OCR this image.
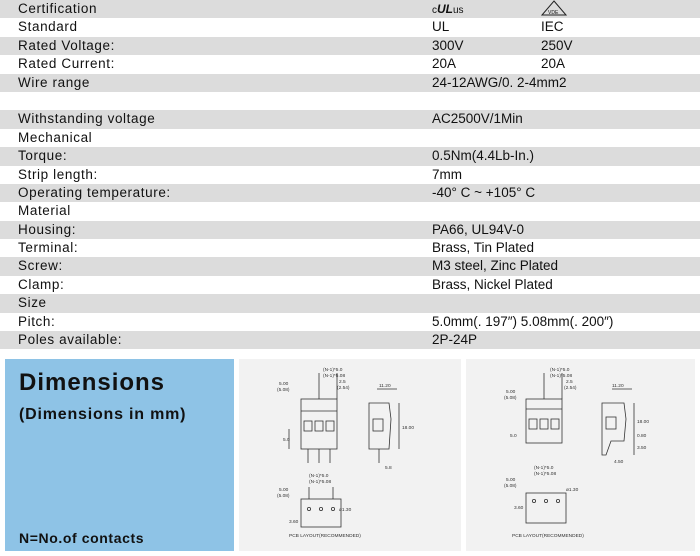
Certification	cULus	VDE
Standard	UL	IEC
Rated Voltage:	300V	250V
Rated Current:	20A	20A
Wire range	24-12AWG/0. 2-4mm2
Withstanding voltage	AC2500V/1Min
Mechanical
Torque:	0.5Nm(4.4Lb-In.)
Strip length:	7mm
Operating temperature:	-40° C ~ +105° C
Material
Housing:	PA66, UL94V-0
Terminal:	Brass, Tin Plated
Screw:	M3 steel, Zinc Plated
Clamp:	Brass, Nickel Plated
Size
Pitch:	5.0mm(. 197″) 5.08mm(. 200″)
Poles available:	2P-24P
Dimensions
(Dimensions in mm)
N=No.of contacts
(N-1)*5.0
(N-1)*5.08
2.5
(2.54)
5.00
(5.08)
5.0
11.20
18.00
5.8
(N-1)*5.0
(N-1)*5.08
5.00
(5.08)
ø1.30
3.60
PCB LAYOUT(RECOMMENDED)
(N-1)*5.0
(N-1)*5.08
2.5
(2.54)
5.00
(5.08)
5.0
11.20
18.00
0.80
3.50
4.50
(N-1)*5.0
(N-1)*5.08
5.00
(5.08)
ø1.30
3.60
PCB LAYOUT(RECOMMENDED)
